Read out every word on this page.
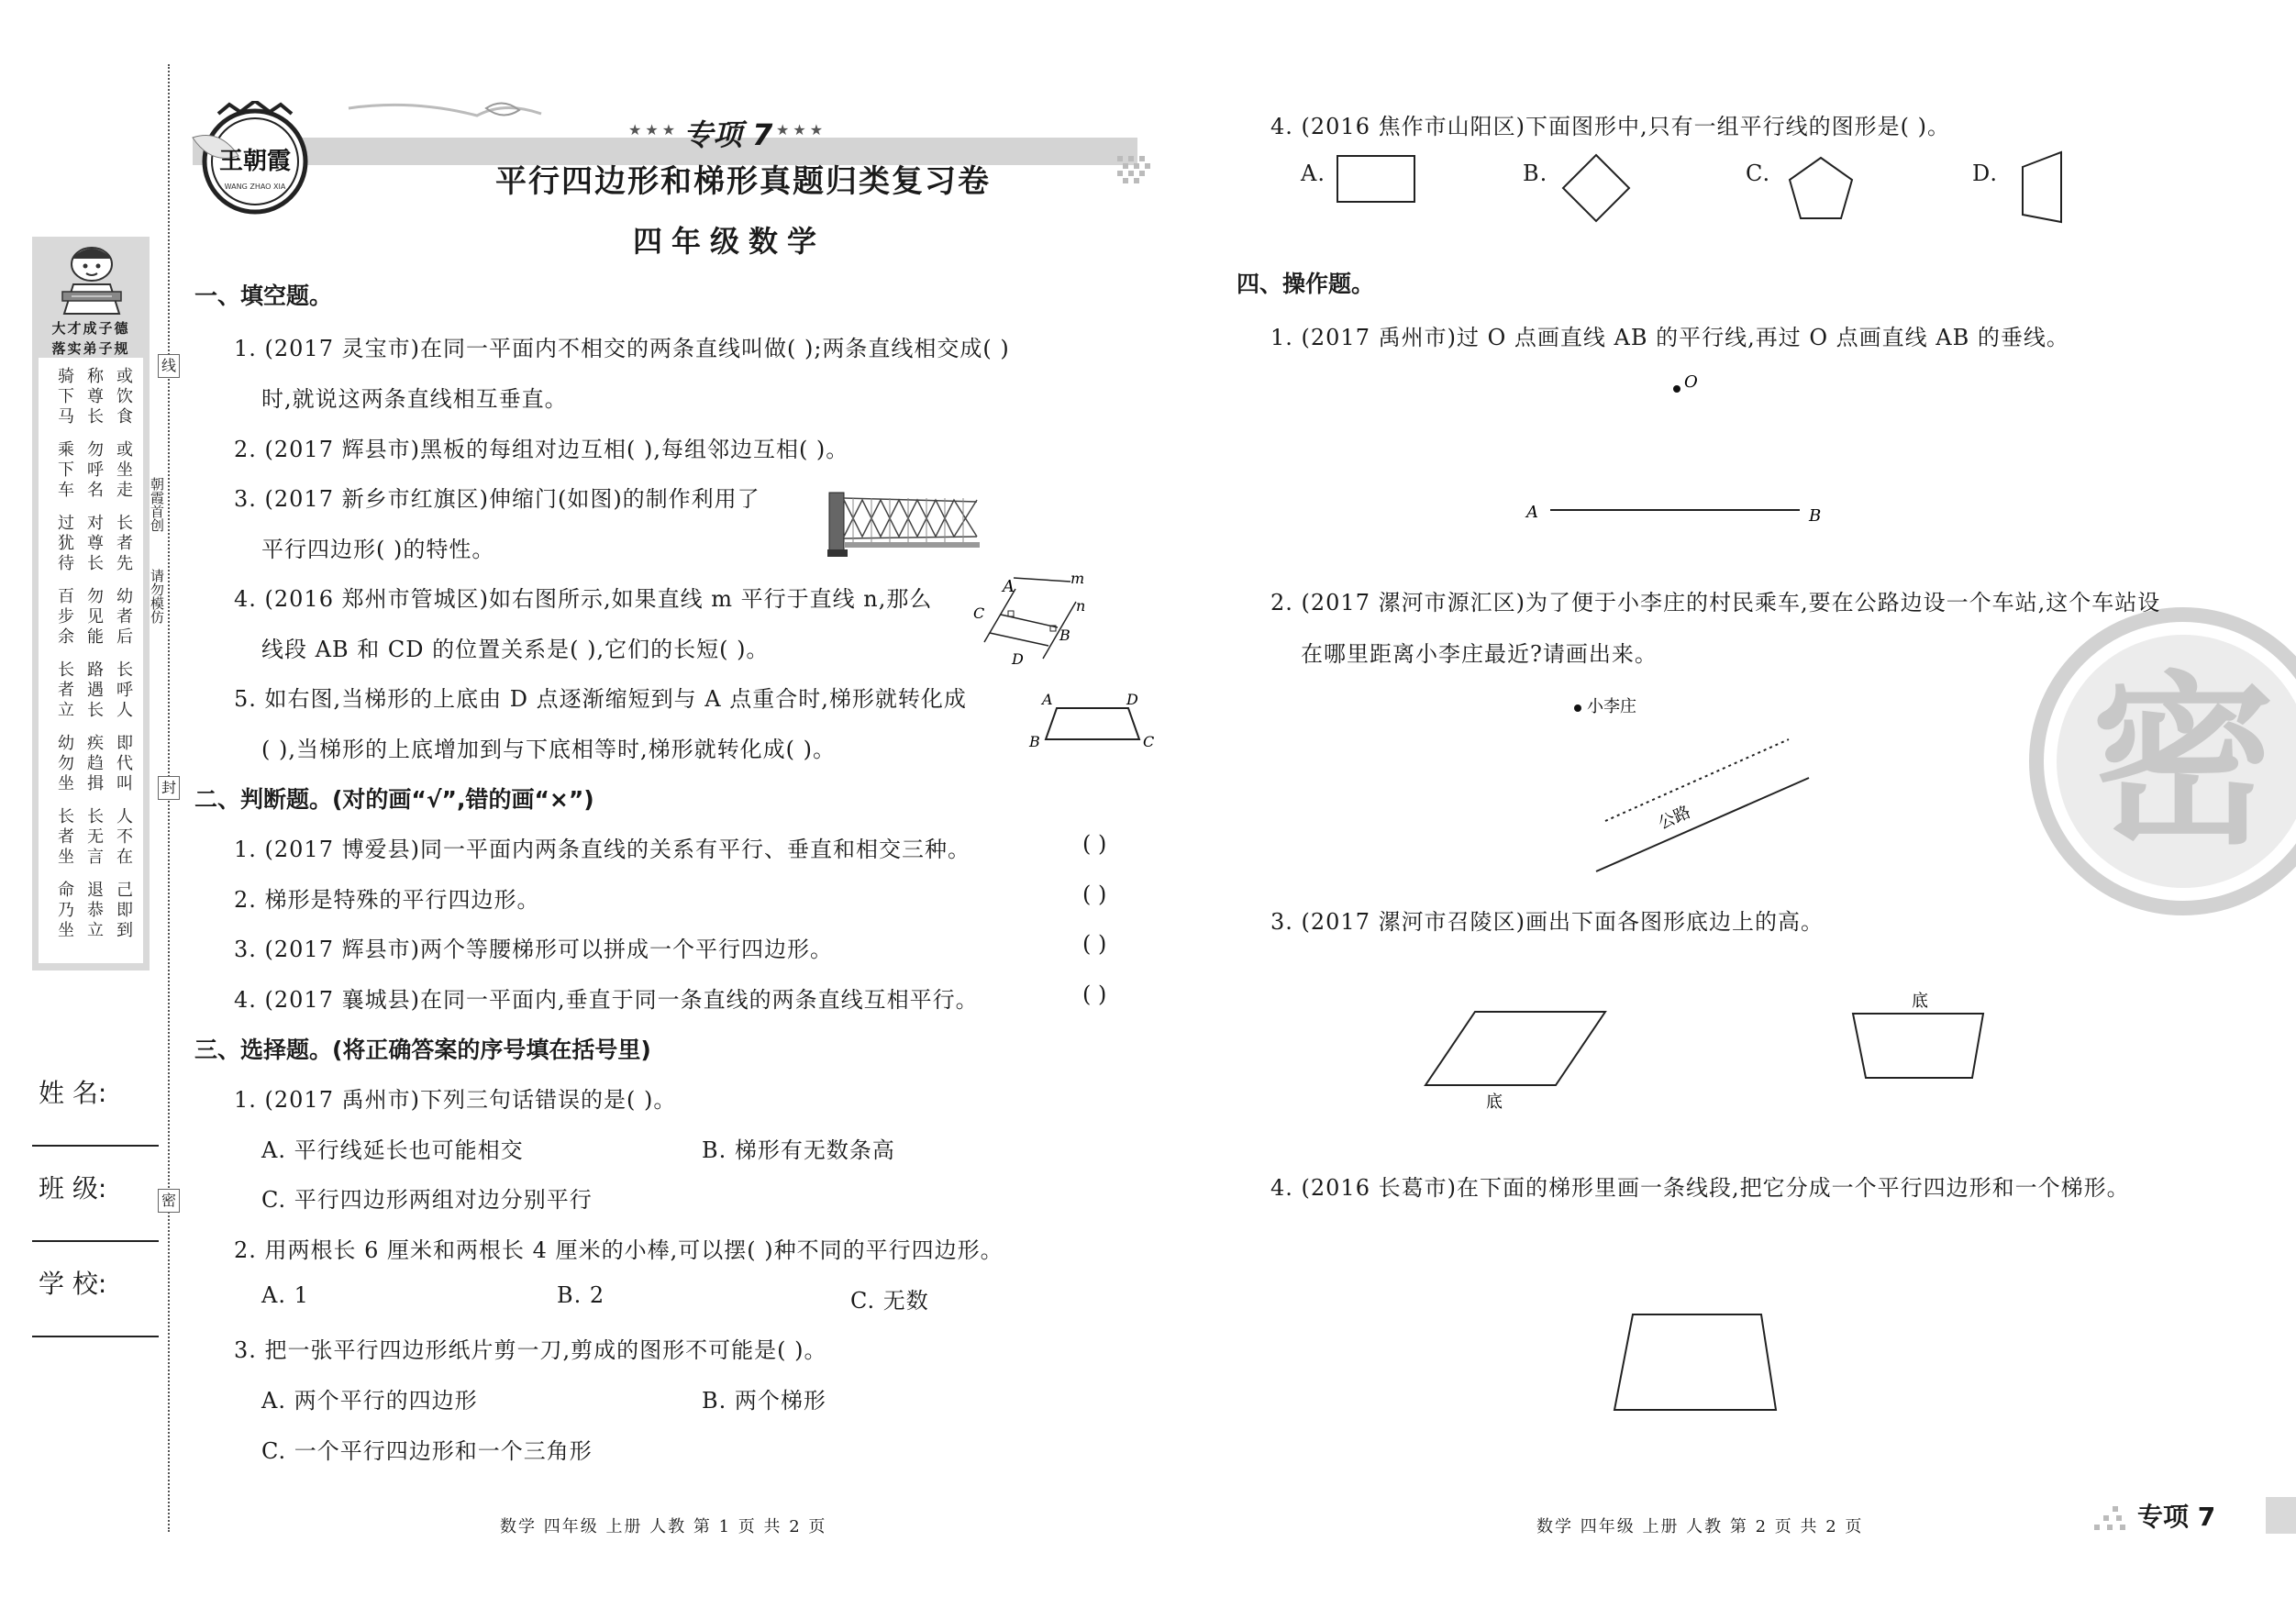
大才成子德
落实弟子规
骑下马
称尊长
或饮食
乘下车
勿呼名
或坐走
过犹待
对尊长
长者先
百步余
勿见能
幼者后
长者立
路遇长
长呼人
幼勿坐
疾趋揖
即代叫
长者坐
长无言
人不在
命乃坐
退恭立
己即到
线
封
密
朝霞首创
请勿模仿
姓 名:
班 级:
学 校:
王朝霞
WANG ZHAO XIA
★★★ 专项 7 ★★★
平行四边形和梯形真题归类复习卷
四年级数学
一、填空题。
1. (2017 灵宝市)在同一平面内不相交的两条直线叫做( );两条直线相交成( )
时,就说这两条直线相互垂直。
2. (2017 辉县市)黑板的每组对边互相( ),每组邻边互相( )。
3. (2017 新乡市红旗区)伸缩门(如图)的制作利用了
平行四边形( )的特性。
4. (2016 郑州市管城区)如右图所示,如果直线 m 平行于直线 n,那么
线段 AB 和 CD 的位置关系是( ),它们的长短( )。
A	m
C
B
n
D
5. 如右图,当梯形的上底由 D 点逐渐缩短到与 A 点重合时,梯形就转化成
( ),当梯形的上底增加到与下底相等时,梯形就转化成( )。
A	D
B	C
二、判断题。(对的画“√”,错的画“×”)
1. (2017 博爱县)同一平面内两条直线的关系有平行、垂直和相交三种。	( )
2. 梯形是特殊的平行四边形。	( )
3. (2017 辉县市)两个等腰梯形可以拼成一个平行四边形。	( )
4. (2017 襄城县)在同一平面内,垂直于同一条直线的两条直线互相平行。	( )
三、选择题。(将正确答案的序号填在括号里)
1. (2017 禹州市)下列三句话错误的是( )。
A. 平行线延长也可能相交	B. 梯形有无数条高
C. 平行四边形两组对边分别平行
2. 用两根长 6 厘米和两根长 4 厘米的小棒,可以摆( )种不同的平行四边形。
A. 1	B. 2	C. 无数
3. 把一张平行四边形纸片剪一刀,剪成的图形不可能是( )。
A. 两个平行的四边形	B. 两个梯形
C. 一个平行四边形和一个三角形
数学 四年级 上册 人教 第 1 页 共 2 页
密
4. (2016 焦作市山阳区)下面图形中,只有一组平行线的图形是( )。
A.	B.	C.	D.
四、操作题。
1. (2017 禹州市)过 O 点画直线 AB 的平行线,再过 O 点画直线 AB 的垂线。
O
A	B
2. (2017 漯河市源汇区)为了便于小李庄的村民乘车,要在公路边设一个车站,这个车站设
在哪里距离小李庄最近?请画出来。
小李庄
公路
3. (2017 漯河市召陵区)画出下面各图形底边上的高。
底
底
4. (2016 长葛市)在下面的梯形里画一条线段,把它分成一个平行四边形和一个梯形。
数学 四年级 上册 人教 第 2 页 共 2 页	专项 7
